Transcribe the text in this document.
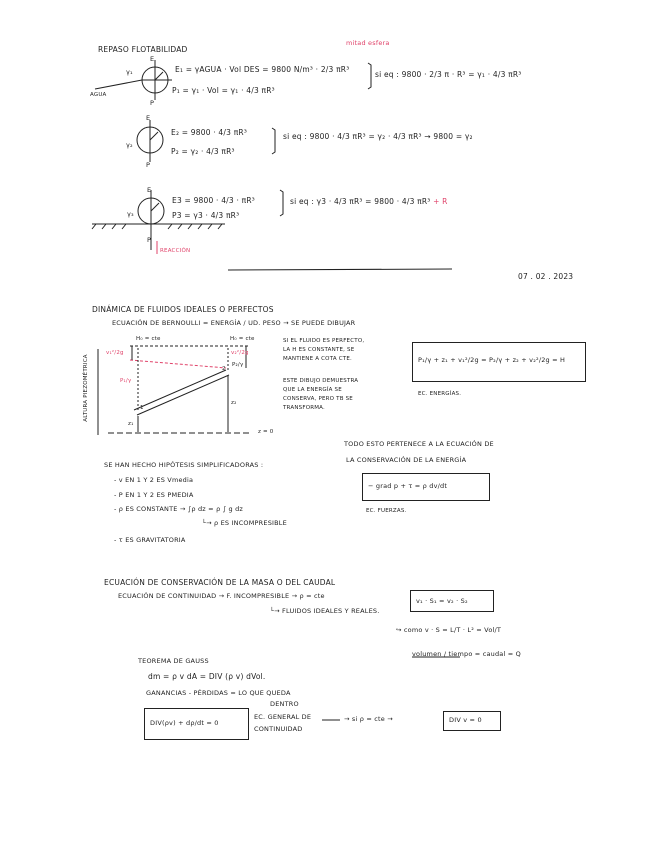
REPASO FLOTABILIDAD
mitad esfera
E
γ₁
AGUA
P
E₁ = γAGUA · Vol DES = 9800 N/m³ · 2/3 πR³
P₁ = γ₁ · Vol = γ₁ · 4/3 πR³
si eq : 9800 · 2/3 π · R³ = γ₁ · 4/3 πR³
E
γ₂
P
E₂ = 9800 · 4/3 πR³
P₂ = γ₂ · 4/3 πR³
si eq : 9800 · 4/3 πR³ = γ₂ · 4/3 πR³ → 9800 = γ₂
E
γ₃
P
E3 = 9800 · 4/3 · πR³
P3 = γ3 · 4/3 πR³
si eq : γ3 · 4/3 πR³ = 9800 · 4/3 πR³ + R
REACCIÓN
07 . 02 . 2023
DINÁMICA DE FLUIDOS IDEALES O PERFECTOS
ECUACIÓN DE BERNOULLI = ENERGÍA / UD. PESO → SE PUEDE DIBUJAR
H₀ = cte	H₀ = cte
v₁²/2g	v₂²/2g
P₁/γ
P₂/γ
z₁
z₂
1
2
z = 0
ALTURA PIEZOMÉTRICA
SI EL FLUIDO ES PERFECTO,
LA H ES CONSTANTE, SE
MANTIENE A COTA CTE.
ESTE DIBUJO DEMUESTRA
QUE LA ENERGÍA SE
CONSERVA, PERO TB SE
TRANSFORMA.
P₁/γ + z₁ + v₁²/2g = P₂/γ + z₂ + v₂²/2g = H
EC. ENERGÍAS.
TODO ESTO PERTENECE A LA ECUACIÓN DE
LA CONSERVACIÓN DE LA ENERGÍA
− grad p + τ = ρ dv/dt
EC. FUERZAS.
SE HAN HECHO HIPÓTESIS SIMPLIFICADORAS :
- v EN 1 Y 2 ES Vmedia
- P EN 1 Y 2 ES PMEDIA
- ρ ES CONSTANTE → ∫ρ dz = ρ ∫ g dz
└→ ρ ES INCOMPRESIBLE
- τ ES GRAVITATORIA
ECUACIÓN DE CONSERVACIÓN DE LA MASA O DEL CAUDAL
ECUACIÓN DE CONTINUIDAD → F. INCOMPRESIBLE → ρ = cte
└→ FLUIDOS IDEALES Y REALES.
v₁ · S₁ = v₂ · S₂
↪ como v · S = L/T · L² = Vol/T
volumen / tiempo = caudal = Q
TEOREMA DE GAUSS
dm = ρ v dA = DIV (ρ v) dVol.
GANANCIAS - PÉRDIDAS = LO QUE QUEDA
DENTRO
DIV(ρv) + dρ/dt = 0
EC. GENERAL DE
CONTINUIDAD
→ si ρ = cte →	DIV v = 0
